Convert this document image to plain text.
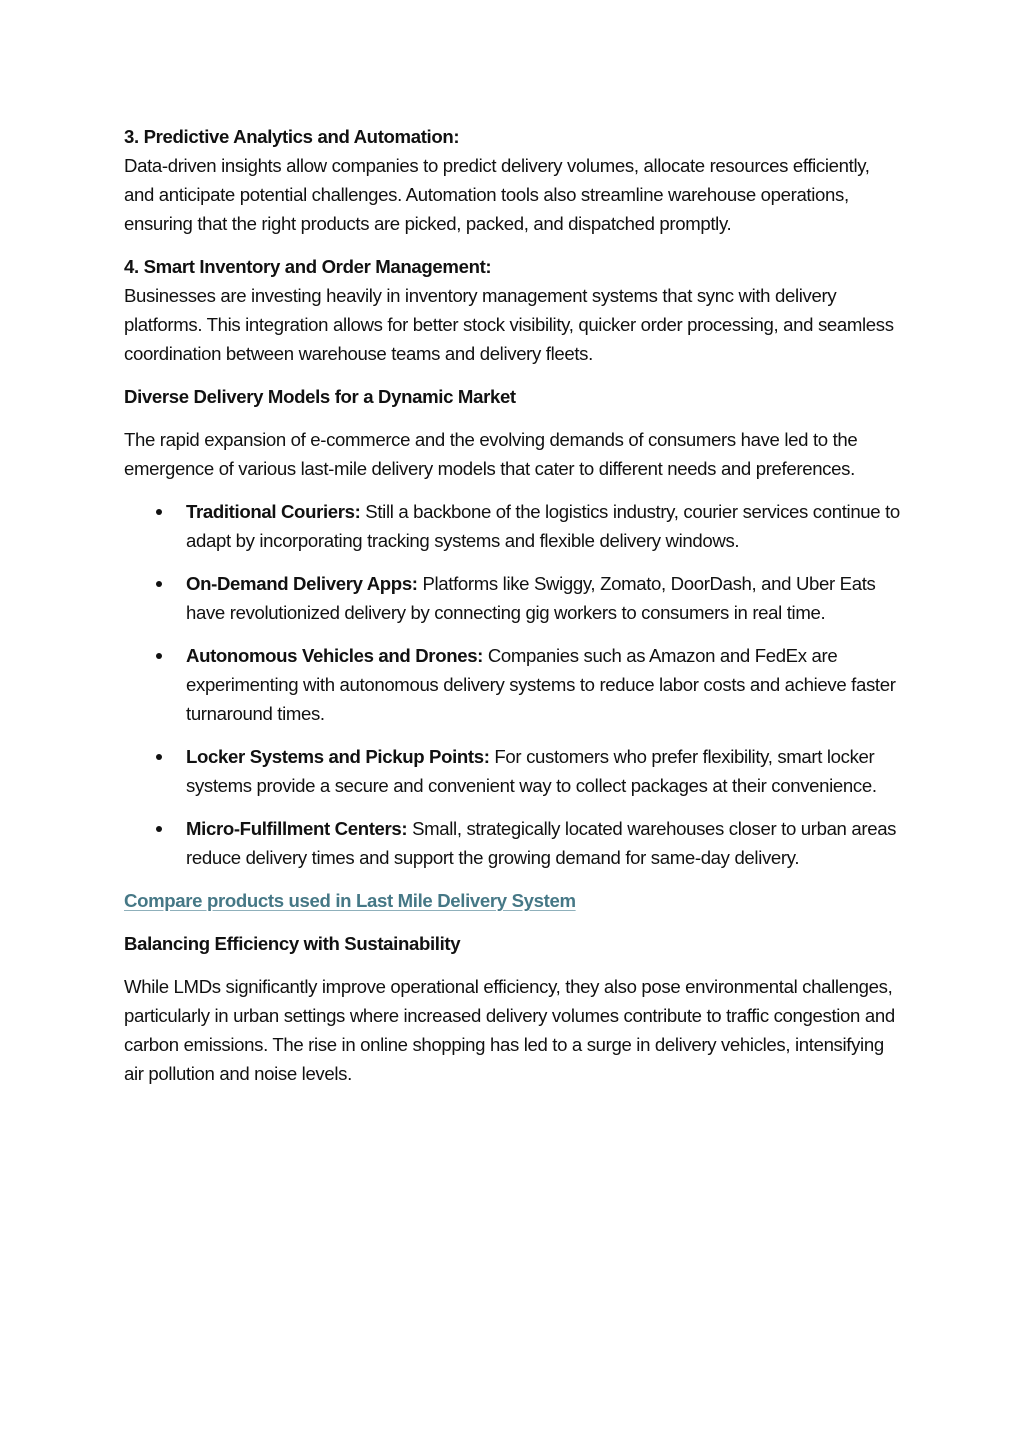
3. Predictive Analytics and Automation:

Data-driven insights allow companies to predict delivery volumes, allocate resources efficiently, and anticipate potential challenges. Automation tools also streamline warehouse operations, ensuring that the right products are picked, packed, and dispatched promptly.

4. Smart Inventory and Order Management:

Businesses are investing heavily in inventory management systems that sync with delivery platforms. This integration allows for better stock visibility, quicker order processing, and seamless coordination between warehouse teams and delivery fleets.

Diverse Delivery Models for a Dynamic Market

The rapid expansion of e-commerce and the evolving demands of consumers have led to the emergence of various last-mile delivery models that cater to different needs and preferences.

Traditional Couriers: Still a backbone of the logistics industry, courier services continue to adapt by incorporating tracking systems and flexible delivery windows.
On-Demand Delivery Apps: Platforms like Swiggy, Zomato, DoorDash, and Uber Eats have revolutionized delivery by connecting gig workers to consumers in real time.
Autonomous Vehicles and Drones: Companies such as Amazon and FedEx are experimenting with autonomous delivery systems to reduce labor costs and achieve faster turnaround times.
Locker Systems and Pickup Points: For customers who prefer flexibility, smart locker systems provide a secure and convenient way to collect packages at their convenience.
Micro-Fulfillment Centers: Small, strategically located warehouses closer to urban areas reduce delivery times and support the growing demand for same-day delivery.

Compare products used in Last Mile Delivery System

Balancing Efficiency with Sustainability

While LMDs significantly improve operational efficiency, they also pose environmental challenges, particularly in urban settings where increased delivery volumes contribute to traffic congestion and carbon emissions. The rise in online shopping has led to a surge in delivery vehicles, intensifying air pollution and noise levels.
